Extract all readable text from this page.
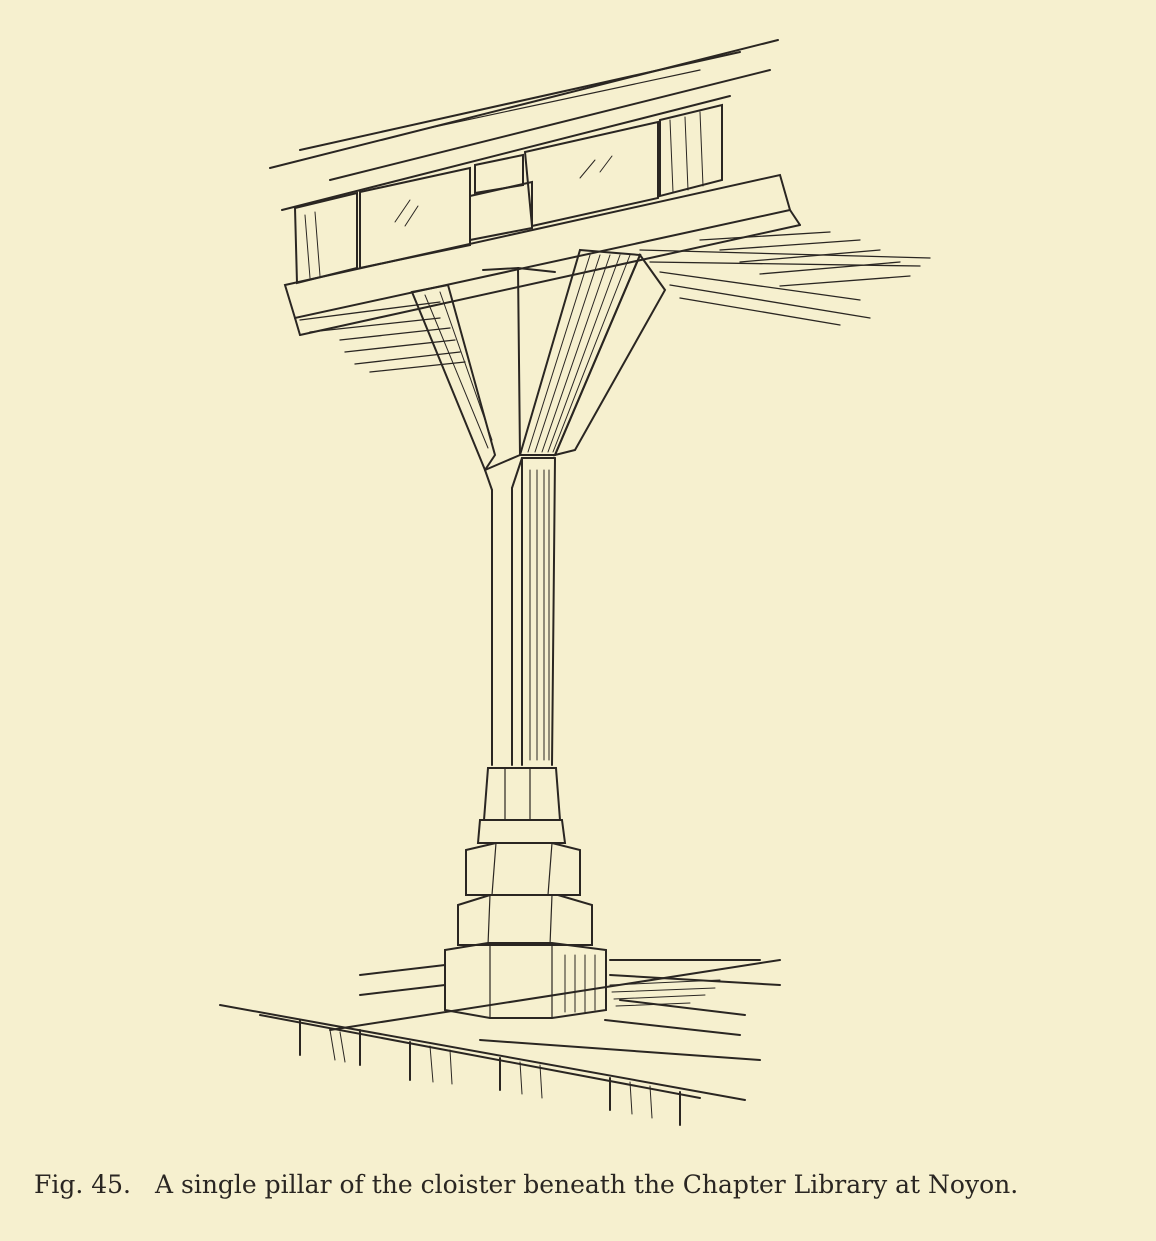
Fig. 45. A single pillar of the cloister beneath the Chapter Library at Noyon.
